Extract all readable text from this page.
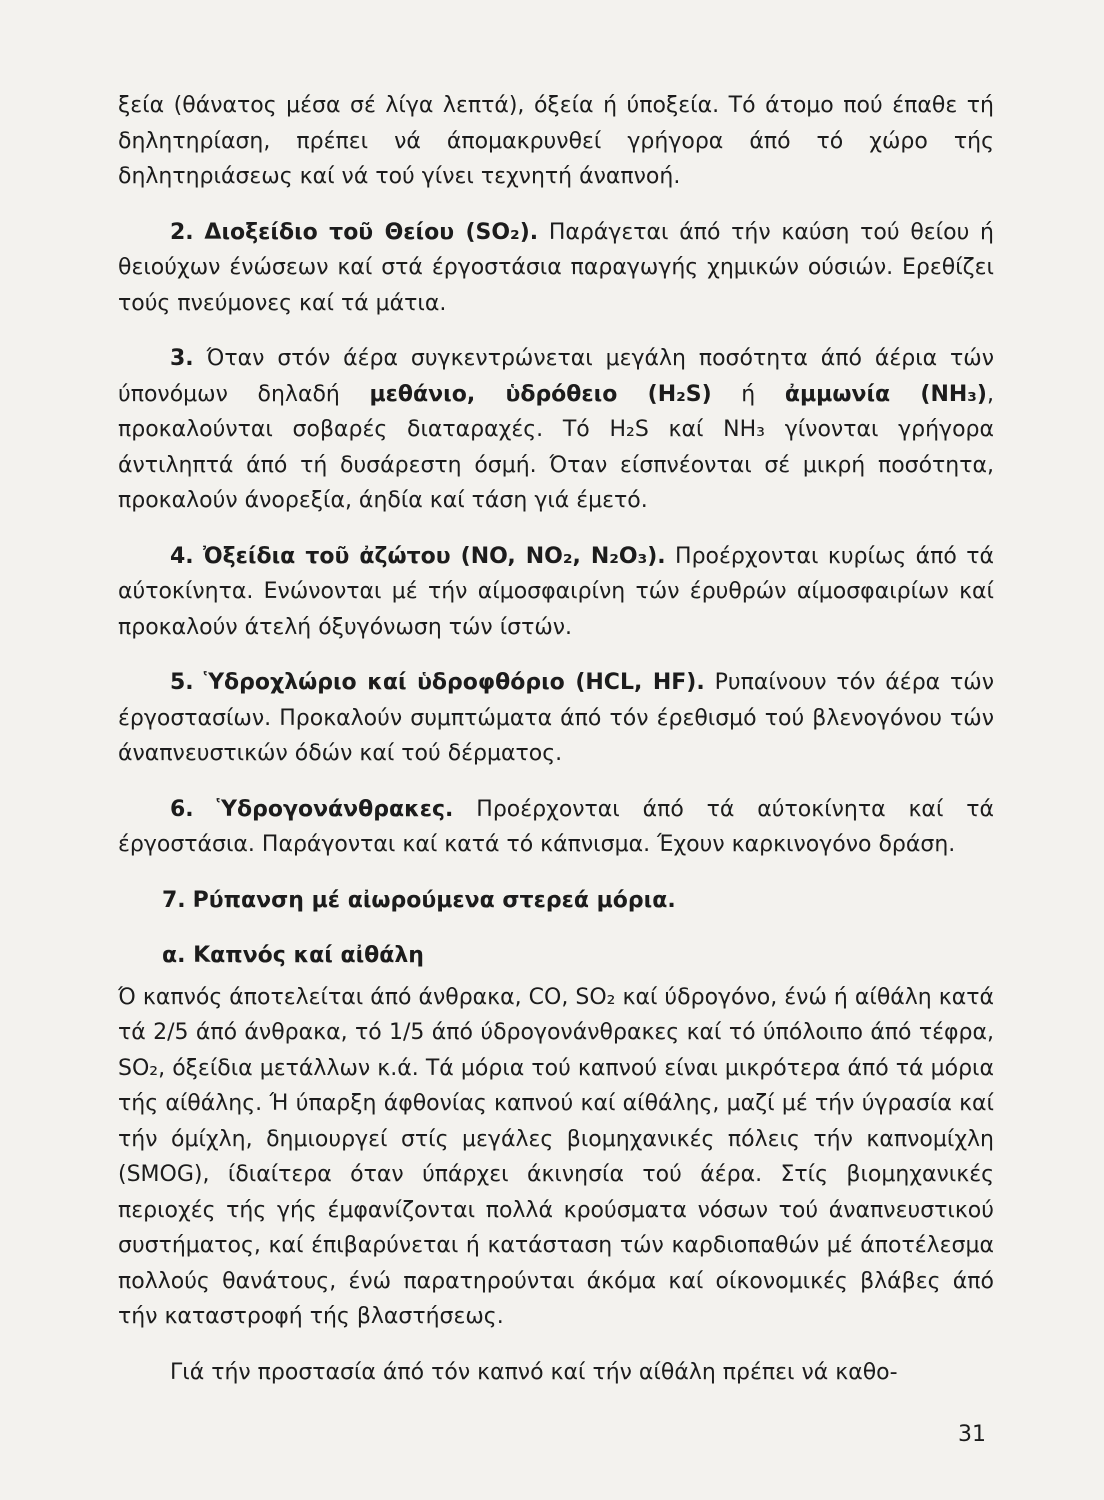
ξεία (θάνατος μέσα σέ λίγα λεπτά), όξεία ή ύποξεία. Τό άτομο πού έπαθε τή δηλητηρίαση, πρέπει νά άπομακρυνθεί γρήγορα άπό τό χώρο τής δηλητηριάσεως καί νά τού γίνει τεχνητή άναπνοή.

2. Διοξείδιο τοῦ Θείου (SO₂). Παράγεται άπό τήν καύση τού θείου ή θειούχων ένώσεων καί στά έργοστάσια παραγωγής χημικών ούσιών. Ερεθίζει τούς πνεύμονες καί τά μάτια.

3. Όταν στόν άέρα συγκεντρώνεται μεγάλη ποσότητα άπό άέρια τών ύπονόμων δηλαδή μεθάνιο, ὑδρόθειο (H₂S) ή ἀμμωνία (NH₃), προκαλούνται σοβαρές διαταραχές. Τό H₂S καί NH₃ γίνονται γρήγορα άντιληπτά άπό τή δυσάρεστη όσμή. Όταν είσπνέονται σέ μικρή ποσότητα, προκαλούν άνορεξία, άηδία καί τάση γιά έμετό.

4. Ὀξείδια τοῦ ἀζώτου (NO, NO₂, N₂O₃). Προέρχονται κυρίως άπό τά αύτοκίνητα. Ενώνονται μέ τήν αίμοσφαιρίνη τών έρυθρών αίμοσφαιρίων καί προκαλούν άτελή όξυγόνωση τών ίστών.

5. Ὑδροχλώριο καί ὑδροφθόριο (HCL, HF). Ρυπαίνουν τόν άέρα τών έργοστασίων. Προκαλούν συμπτώματα άπό τόν έρεθισμό τού βλενογόνου τών άναπνευστικών όδών καί τού δέρματος.

6. Ὑδρογονάνθρακες. Προέρχονται άπό τά αύτοκίνητα καί τά έργοστάσια. Παράγονται καί κατά τό κάπνισμα. Έχουν καρκινογόνο δράση.

7. Ρύπανση μέ αἰωρούμενα στερεά μόρια.

α. Καπνός καί αἰθάλη

Ό καπνός άποτελείται άπό άνθρακα, CO, SO₂ καί ύδρογόνο, ένώ ή αίθάλη κατά τά 2/5 άπό άνθρακα, τό 1/5 άπό ύδρογονάνθρακες καί τό ύπόλοιπο άπό τέφρα, SO₂, όξείδια μετάλλων κ.ά. Τά μόρια τού καπνού είναι μικρότερα άπό τά μόρια τής αίθάλης. Ή ύπαρξη άφθονίας καπνού καί αίθάλης, μαζί μέ τήν ύγρασία καί τήν όμίχλη, δημιουργεί στίς μεγάλες βιομηχανικές πόλεις τήν καπνομίχλη (SMOG), ίδιαίτερα όταν ύπάρχει άκινησία τού άέρα. Στίς βιομηχανικές περιοχές τής γής έμφανίζονται πολλά κρούσματα νόσων τού άναπνευστικού συστήματος, καί έπιβαρύνεται ή κατάσταση τών καρδιοπαθών μέ άποτέλεσμα πολλούς θανάτους, ένώ παρατηρούνται άκόμα καί οίκονομικές βλάβες άπό τήν καταστροφή τής βλαστήσεως.

Γιά τήν προστασία άπό τόν καπνό καί τήν αίθάλη πρέπει νά καθο-

31
